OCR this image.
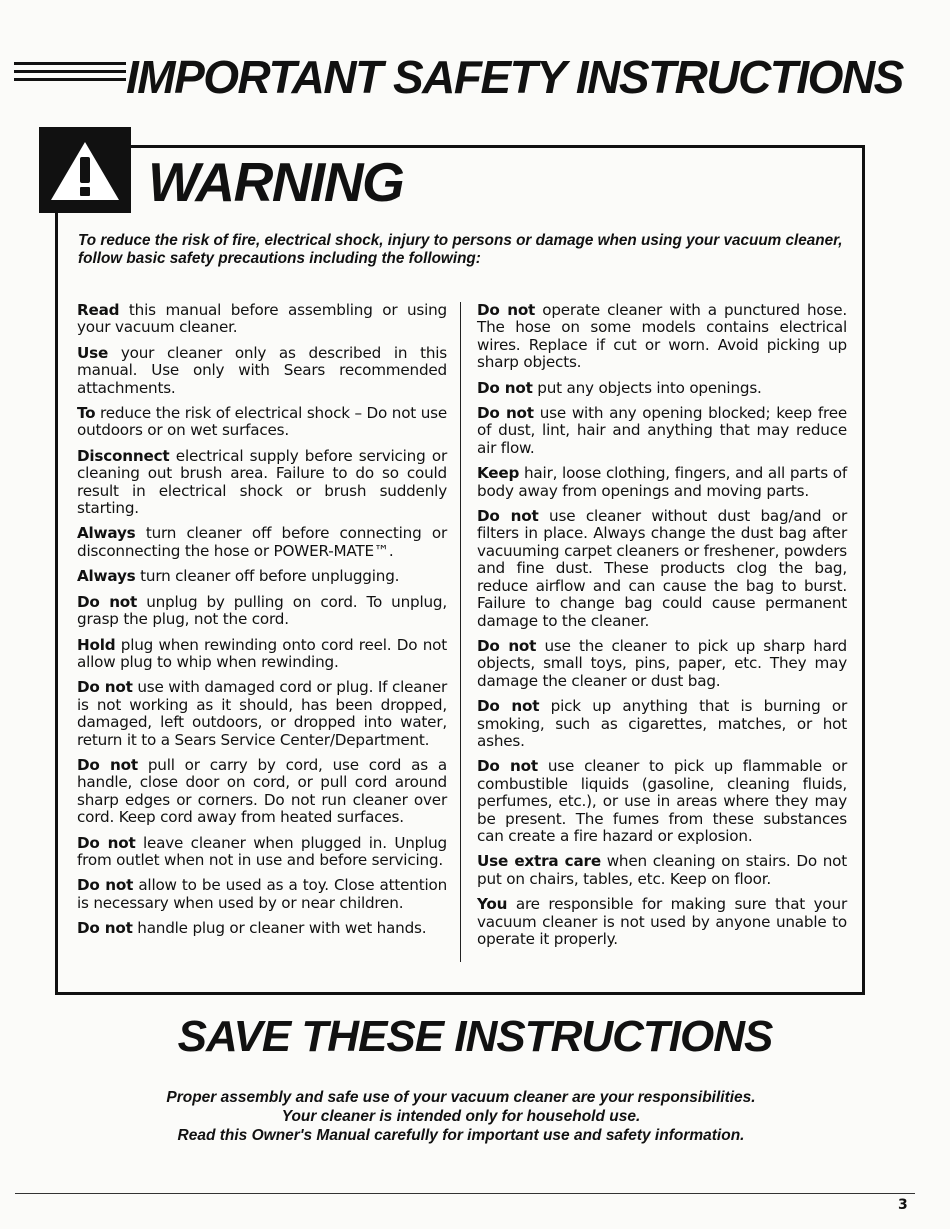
IMPORTANT SAFETY INSTRUCTIONS
WARNING

To reduce the risk of fire, electrical shock, injury to persons or damage when using your vacuum cleaner, follow basic safety precautions including the following:

Read this manual before assembling or using your vacuum cleaner.

Use your cleaner only as described in this manual. Use only with Sears recommended attachments.

To reduce the risk of electrical shock – Do not use outdoors or on wet surfaces.

Disconnect electrical supply before servicing or cleaning out brush area. Failure to do so could result in electrical shock or brush suddenly starting.

Always turn cleaner off before connecting or disconnecting the hose or POWER-MATE™.

Always turn cleaner off before unplugging.

Do not unplug by pulling on cord. To unplug, grasp the plug, not the cord.

Hold plug when rewinding onto cord reel. Do not allow plug to whip when rewinding.

Do not use with damaged cord or plug. If cleaner is not working as it should, has been dropped, damaged, left outdoors, or dropped into water, return it to a Sears Service Center/Department.

Do not pull or carry by cord, use cord as a handle, close door on cord, or pull cord around sharp edges or corners. Do not run cleaner over cord. Keep cord away from heated surfaces.

Do not leave cleaner when plugged in. Unplug from outlet when not in use and before servicing.

Do not allow to be used as a toy. Close attention is necessary when used by or near children.

Do not handle plug or cleaner with wet hands.

Do not operate cleaner with a punctured hose. The hose on some models contains electrical wires. Replace if cut or worn. Avoid picking up sharp objects.

Do not put any objects into openings.

Do not use with any opening blocked; keep free of dust, lint, hair and anything that may reduce air flow.

Keep hair, loose clothing, fingers, and all parts of body away from openings and moving parts.

Do not use cleaner without dust bag/and or filters in place. Always change the dust bag after vacuuming carpet cleaners or freshener, powders and fine dust. These products clog the bag, reduce airflow and can cause the bag to burst. Failure to change bag could cause permanent damage to the cleaner.

Do not use the cleaner to pick up sharp hard objects, small toys, pins, paper, etc. They may damage the cleaner or dust bag.

Do not pick up anything that is burning or smoking, such as cigarettes, matches, or hot ashes.

Do not use cleaner to pick up flammable or combustible liquids (gasoline, cleaning fluids, perfumes, etc.), or use in areas where they may be present. The fumes from these substances can create a fire hazard or explosion.

Use extra care when cleaning on stairs. Do not put on chairs, tables, etc. Keep on floor.

You are responsible for making sure that your vacuum cleaner is not used by anyone unable to operate it properly.

SAVE THESE INSTRUCTIONS

Proper assembly and safe use of your vacuum cleaner are your responsibilities.

Your cleaner is intended only for household use.

Read this Owner's Manual carefully for important use and safety information.

3
